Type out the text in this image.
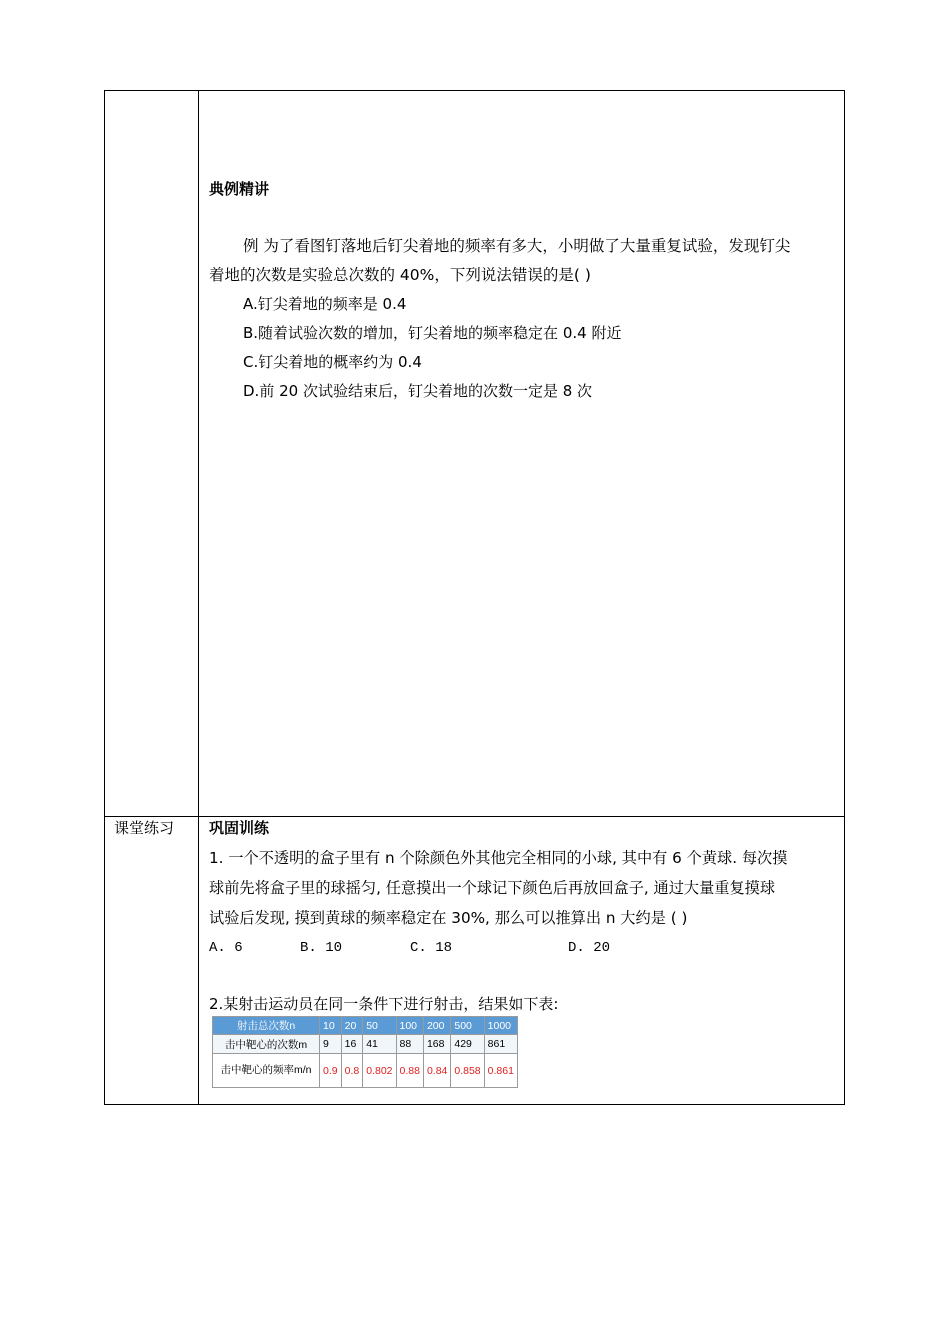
典例精讲
例 为了看图钉落地后钉尖着地的频率有多大，小明做了大量重复试验，发现钉尖
着地的次数是实验总次数的 40%，下列说法错误的是( )
A.钉尖着地的频率是 0.4
B.随着试验次数的增加，钉尖着地的频率稳定在 0.4 附近
C.钉尖着地的概率约为 0.4
D.前 20 次试验结束后，钉尖着地的次数一定是 8 次
课堂练习 巩固训练
1. 一个不透明的盒子里有 n 个除颜色外其他完全相同的小球, 其中有 6 个黄球. 每次摸
球前先将盒子里的球摇匀, 任意摸出一个球记下颜色后再放回盒子, 通过大量重复摸球
试验后发现, 摸到黄球的频率稳定在 30%, 那么可以推算出 n 大约是 ( )
A. 6	B. 10	C. 18	D. 20
2.某射击运动员在同一条件下进行射击，结果如下表:
射击总次数n	10	20	50	100	200	500	1000
击中靶心的次数m	9	16	41	88	168	429	861
击中靶心的频率m/n	0.9	0.8	0.802	0.88	0.84	0.858	0.861
